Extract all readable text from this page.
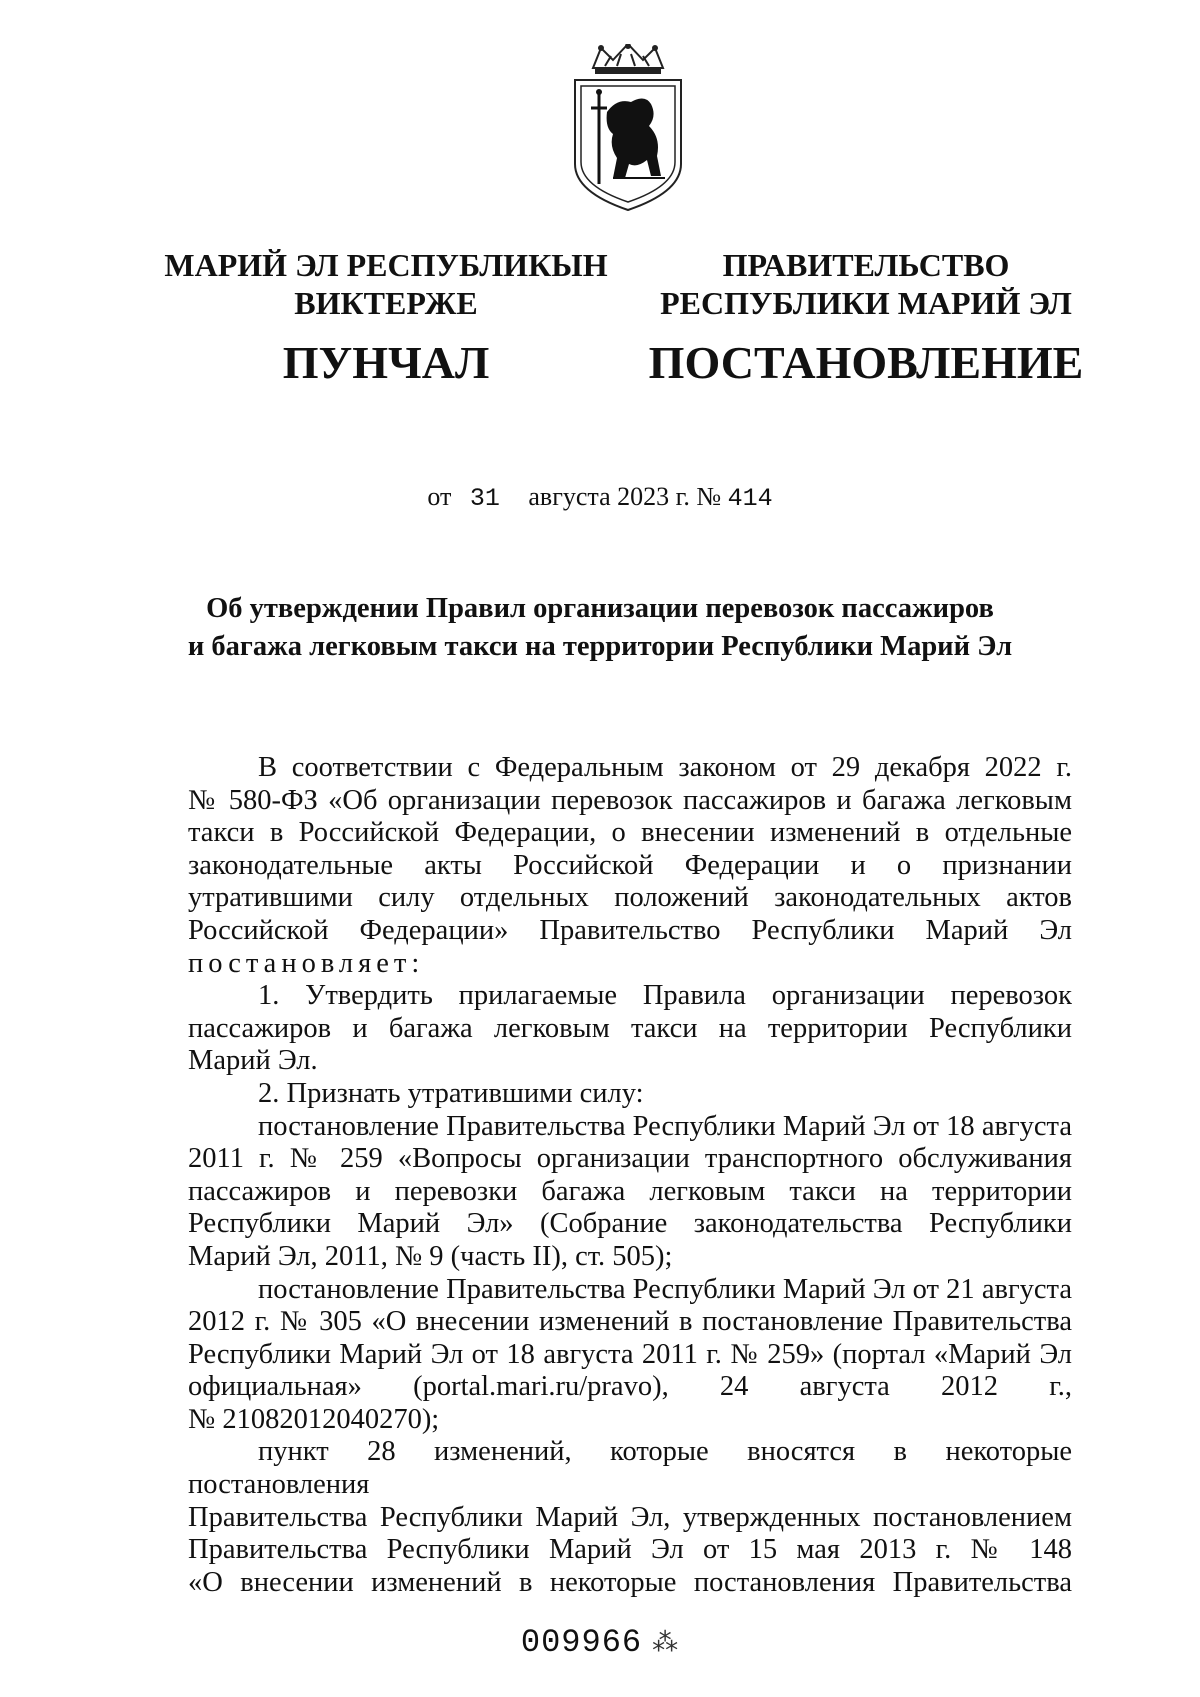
МАРИЙ ЭЛ РЕСПУБЛИКЫН
ВИКТЕРЖЕ
ПУНЧАЛ
ПРАВИТЕЛЬСТВО
РЕСПУБЛИКИ МАРИЙ ЭЛ
ПОСТАНОВЛЕНИЕ
от 31 августа 2023 г. № 414
Об утверждении Правил организации перевозок пассажиров
и багажа легковым такси на территории Республики Марий Эл

В соответствии с Федеральным законом от 29 декабря 2022 г.

№ 580-ФЗ «Об организации перевозок пассажиров и багажа легковым

такси в Российской Федерации, о внесении изменений в отдельные

законодательные акты Российской Федерации и о признании

утратившими силу отдельных положений законодательных актов

Российской Федерации» Правительство Республики Марий Эл

постановляет:

1. Утвердить прилагаемые Правила организации перевозок

пассажиров и багажа легковым такси на территории Республики

Марий Эл.

2. Признать утратившими силу:

постановление Правительства Республики Марий Эл от 18 августа

2011 г. № 259 «Вопросы организации транспортного обслуживания

пассажиров и перевозки багажа легковым такси на территории

Республики Марий Эл» (Собрание законодательства Республики

Марий Эл, 2011, № 9 (часть II), ст. 505);

постановление Правительства Республики Марий Эл от 21 августа

2012 г. № 305 «О внесении изменений в постановление Правительства

Республики Марий Эл от 18 августа 2011 г. № 259» (портал «Марий Эл

официальная» (portal.mari.ru/pravo), 24 августа 2012 г.,

№ 21082012040270);

пункт 28 изменений, которые вносятся в некоторые постановления

Правительства Республики Марий Эл, утвержденных постановлением

Правительства Республики Марий Эл от 15 мая 2013 г. № 148

«О внесении изменений в некоторые постановления Правительства

009966 ⁂
